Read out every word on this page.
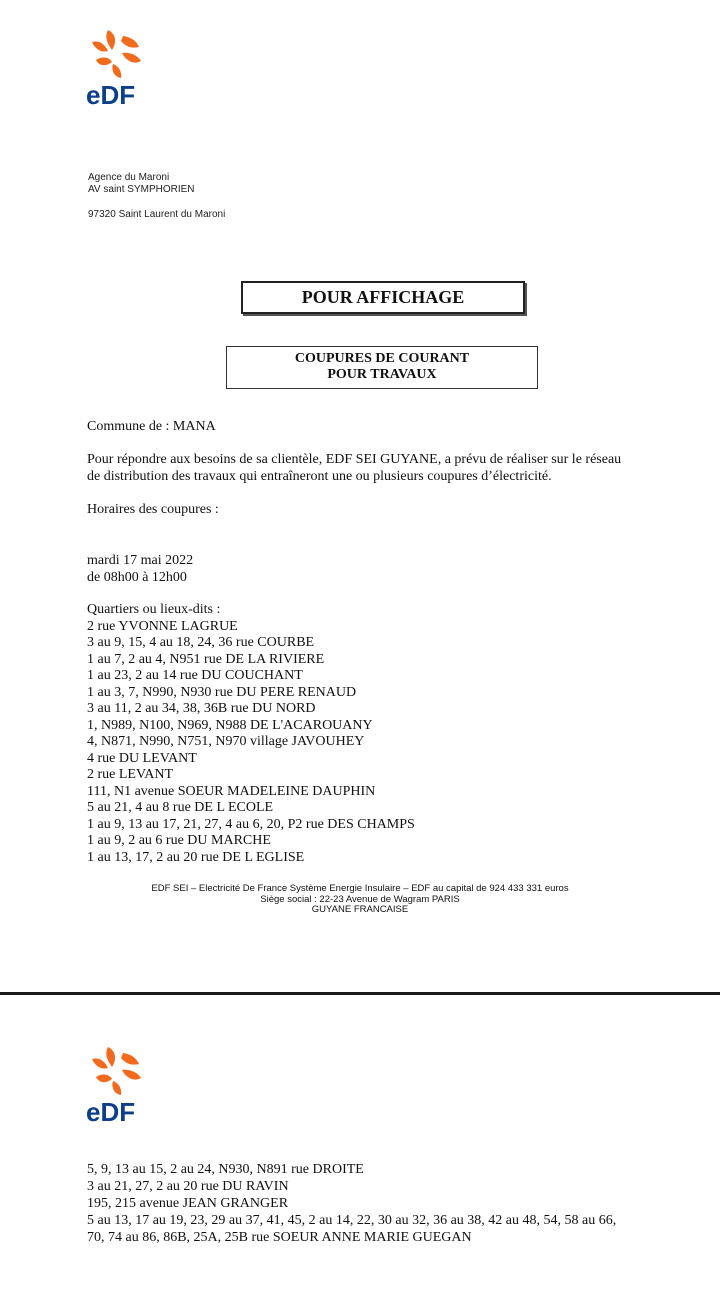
eDF
Agence du Maroni
AV saint SYMPHORIEN
97320 Saint Laurent du Maroni
POUR AFFICHAGE
COUPURES DE COURANT
POUR TRAVAUX
Commune de : MANA
Pour répondre aux besoins de sa clientèle, EDF SEI GUYANE, a prévu de réaliser sur le réseau
de distribution des travaux qui entraîneront une ou plusieurs coupures d’électricité.
Horaires des coupures :
mardi 17 mai 2022
de 08h00 à 12h00
Quartiers ou lieux-dits :
2 rue YVONNE LAGRUE
3 au 9, 15, 4 au 18, 24, 36 rue COURBE
1 au 7, 2 au 4, N951 rue DE LA RIVIERE
1 au 23, 2 au 14 rue DU COUCHANT
1 au 3, 7, N990, N930 rue DU PERE RENAUD
3 au 11, 2 au 34, 38, 36B rue DU NORD
1, N989, N100, N969, N988 DE L'ACAROUANY
4, N871, N990, N751, N970 village JAVOUHEY
4 rue DU LEVANT
2 rue LEVANT
111, N1 avenue SOEUR MADELEINE DAUPHIN
5 au 21, 4 au 8 rue DE L ECOLE
1 au 9, 13 au 17, 21, 27, 4 au 6, 20, P2 rue DES CHAMPS
1 au 9, 2 au 6 rue DU MARCHE
1 au 13, 17, 2 au 20 rue DE L EGLISE
EDF SEI – Electricité De France Système Energie Insulaire – EDF au capital de 924 433 331 euros
Siège social : 22-23 Avenue de Wagram PARIS
GUYANE FRANCAISE
eDF
5, 9, 13 au 15, 2 au 24, N930, N891 rue DROITE
3 au 21, 27, 2 au 20 rue DU RAVIN
195, 215 avenue JEAN GRANGER
5 au 13, 17 au 19, 23, 29 au 37, 41, 45, 2 au 14, 22, 30 au 32, 36 au 38, 42 au 48, 54, 58 au 66,
70, 74 au 86, 86B, 25A, 25B rue SOEUR ANNE MARIE GUEGAN
